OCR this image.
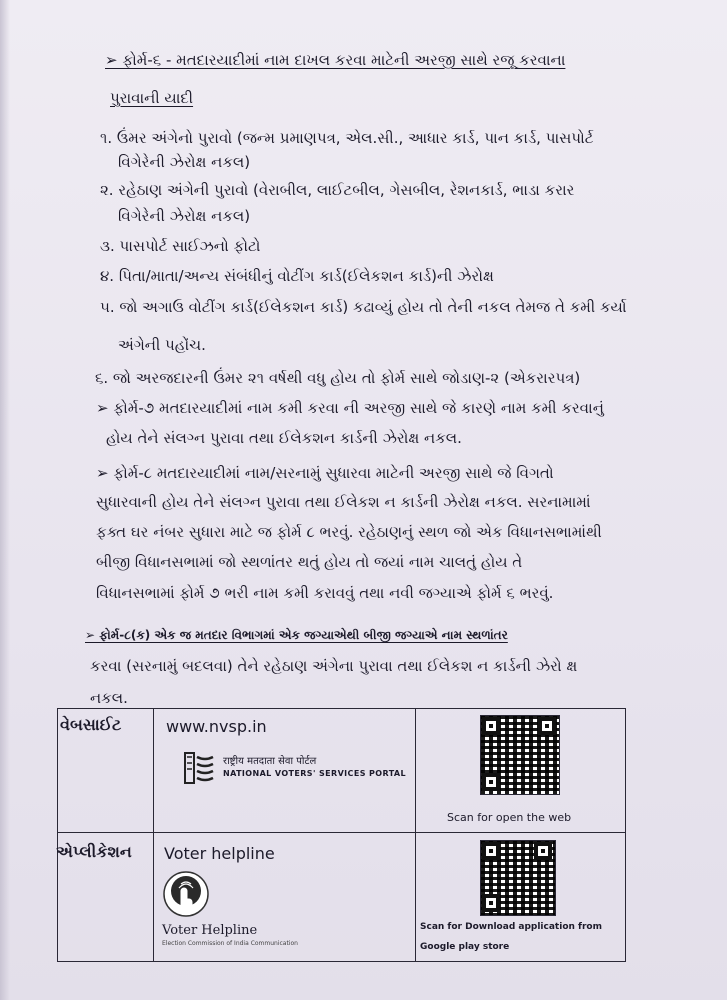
➢ ફોર્મ-૬ - મતદારયાદીમાં નામ દાખલ કરવા માટેની અરજી સાથે રજૂ કરવાના
પુરાવાની યાદી
૧. ઉંમર અંગેનો પુરાવો (જન્મ પ્રમાણપત્ર, એલ.સી., આધાર કાર્ડ, પાન કાર્ડ, પાસપોર્ટ
વિગેરેની ઝેરોક્ષ નકલ)
૨. રહેઠાણ અંગેની પુરાવો (વેરાબીલ, લાઈટબીલ, ગેસબીલ, રેશનકાર્ડ, ભાડા કરાર
વિગેરેની ઝેરોક્ષ નકલ)
૩. પાસપોર્ટ સાઈઝનો ફોટો
૪. પિતા/માતા/અન્ય સંબંધીનું વોટીંગ કાર્ડ(ઈલેકશન કાર્ડ)ની ઝેરોક્ષ
૫. જો અગાઉ વોટીંગ કાર્ડ(ઈલેકશન કાર્ડ) કઢાવ્યું હોય તો તેની નકલ તેમજ તે કમી કર્યા
અંગેની પહોંચ.
૬. જો અરજદારની ઉંમર ૨૧ વર્ષથી વધુ હોય તો ફોર્મ સાથે જોડાણ-૨ (એકરારપત્ર)
➢ ફોર્મ-૭ મતદારયાદીમાં નામ કમી કરવા ની અરજી સાથે જે કારણે નામ કમી કરવાનું
હોય તેને સંલગ્ન પુરાવા તથા ઈલેકશન કાર્ડની ઝેરોક્ષ નકલ.
➢ ફોર્મ-૮ મતદારયાદીમાં નામ/સરનામું સુધારવા માટેની અરજી સાથે જે વિગતો
સુધારવાની હોય તેને સંલગ્ન પુરાવા તથા ઈલેકશ ન કાર્ડની ઝેરોક્ષ નકલ. સરનામામાં
ફક્ત ઘર નંબર સુધારા માટે જ ફોર્મ ૮ ભરવું. રહેઠાણનું સ્થળ જો એક વિધાનસભામાંથી
બીજી વિધાનસભામાં જો સ્થળાંતર થતું હોય તો જયાં નામ ચાલતું હોય તે
વિધાનસભામાં ફોર્મ ૭ ભરી નામ કમી કરાવવું તથા નવી જગ્યાએ ફોર્મ ૬ ભરવું.
➢ ફોર્મ-૮(ક) એક જ મતદાર વિભાગમાં એક જગ્યાએથી બીજી જગ્યાએ નામ સ્થળાંતર
કરવા (સરનામું બદલવા) તેને રહેઠાણ અંગેના પુરાવા તથા ઈલેકશ ન કાર્ડની ઝેરો ક્ષ
નકલ.
વેબસાઈટ	www.nvsp.in
राष्ट्रीय मतदाता सेवा पोर्टल
NATIONAL VOTERS' SERVICES PORTAL
Scan for open the web
એપ્લીકેશન Voter helpline
Voter Helpline
Election Commission of India Communication
Scan for Download application from
Google play store
